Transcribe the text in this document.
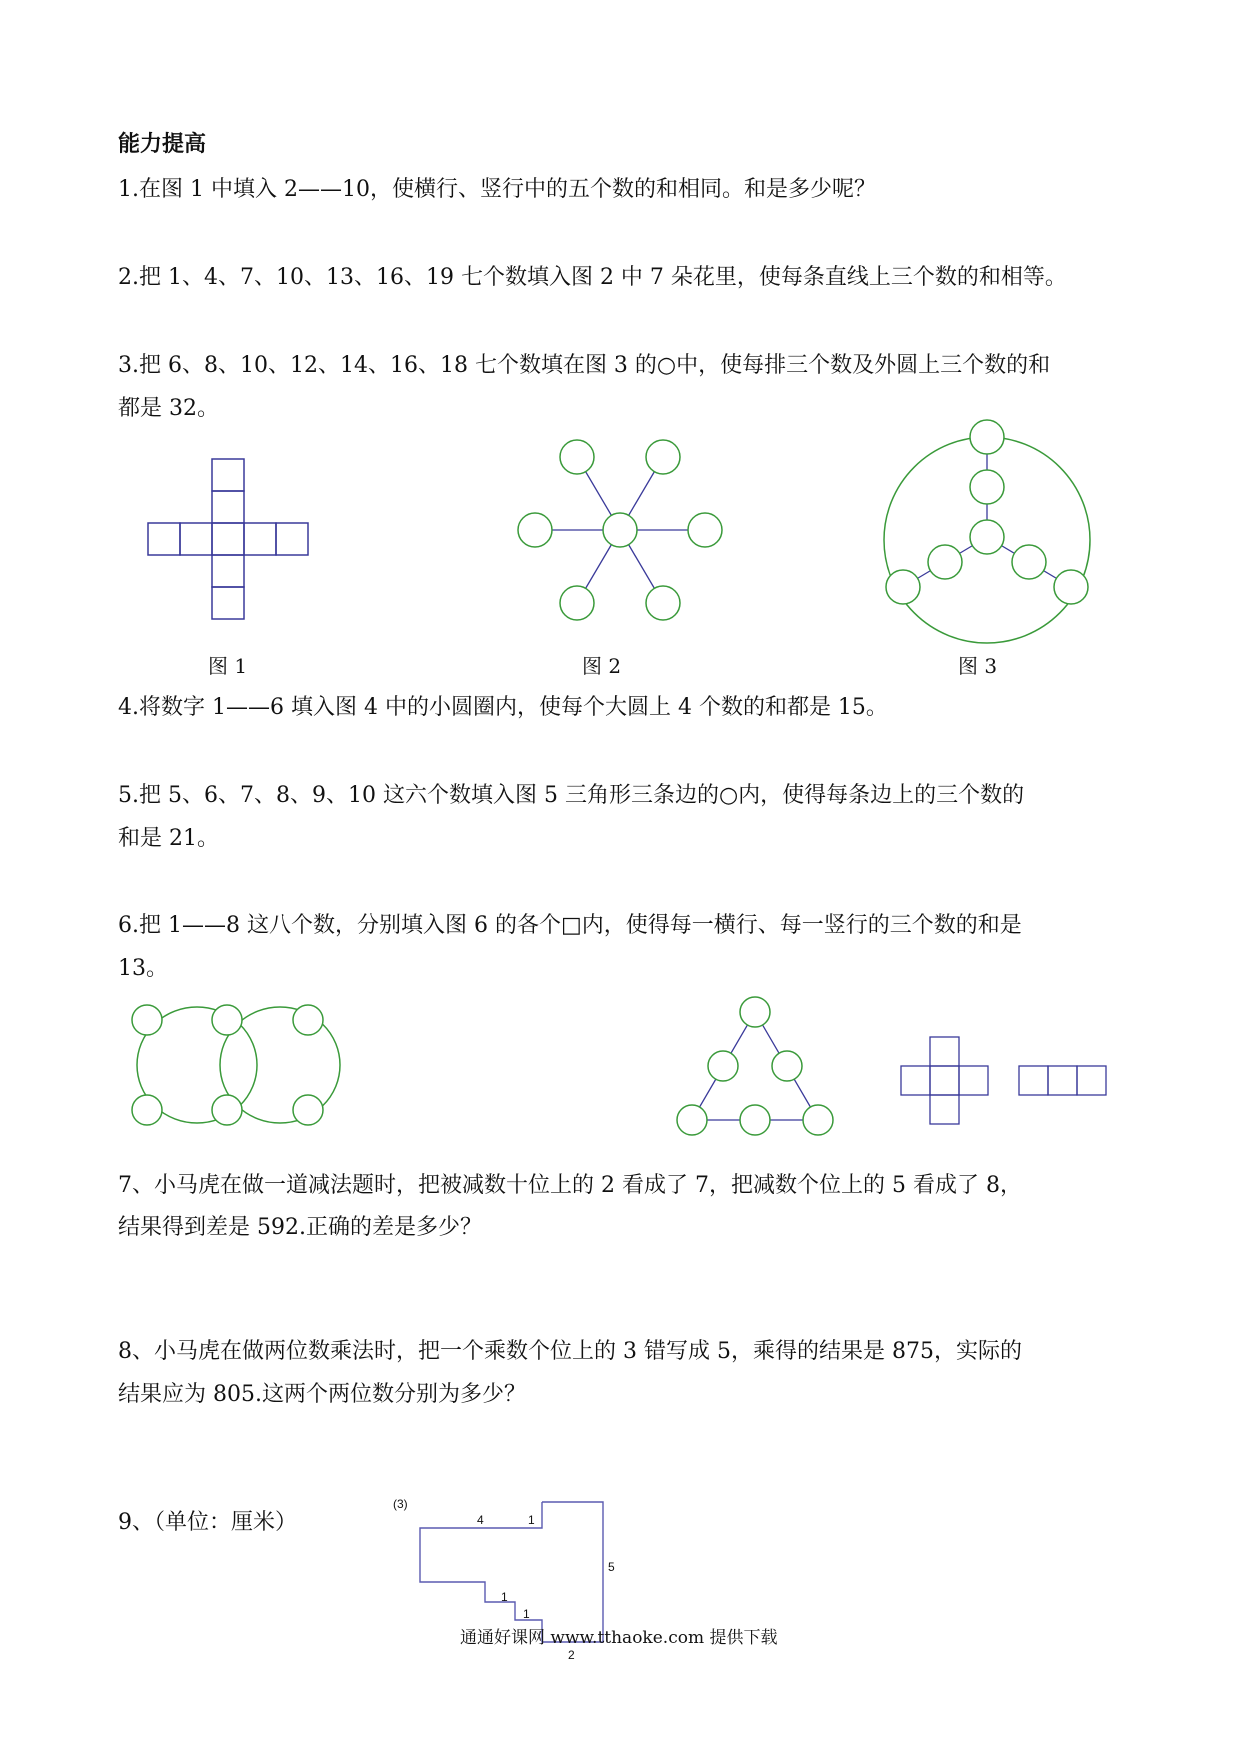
能力提高

1.在图 1 中填入 2——10，使横行、竖行中的五个数的和相同。和是多少呢？

2.把 1、4、7、10、13、16、19 七个数填入图 2 中 7 朵花里，使每条直线上三个数的和相等。

3.把 6、8、10、12、14、16、18 七个数填在图 3 的○中，使每排三个数及外圆上三个数的和

都是 32。

图 1	图 2	图 3

4.将数字 1——6 填入图 4 中的小圆圈内，使每个大圆上 4 个数的和都是 15。

5.把 5、6、7、8、9、10 这六个数填入图 5 三角形三条边的○内，使得每条边上的三个数的

和是 21。

6.把 1——8 这八个数，分别填入图 6 的各个□内，使得每一横行、每一竖行的三个数的和是

13。

7、小马虎在做一道减法题时，把被减数十位上的 2 看成了 7，把减数个位上的 5 看成了 8，

结果得到差是 592.正确的差是多少？

8、小马虎在做两位数乘法时，把一个乘数个位上的 3 错写成 5，乘得的结果是 875，实际的

结果应为 805.这两个两位数分别为多少？

9、（单位：厘米）

(3)
4	1
5
1
1
2
通通好课网 www.tthaoke.com 提供下载
